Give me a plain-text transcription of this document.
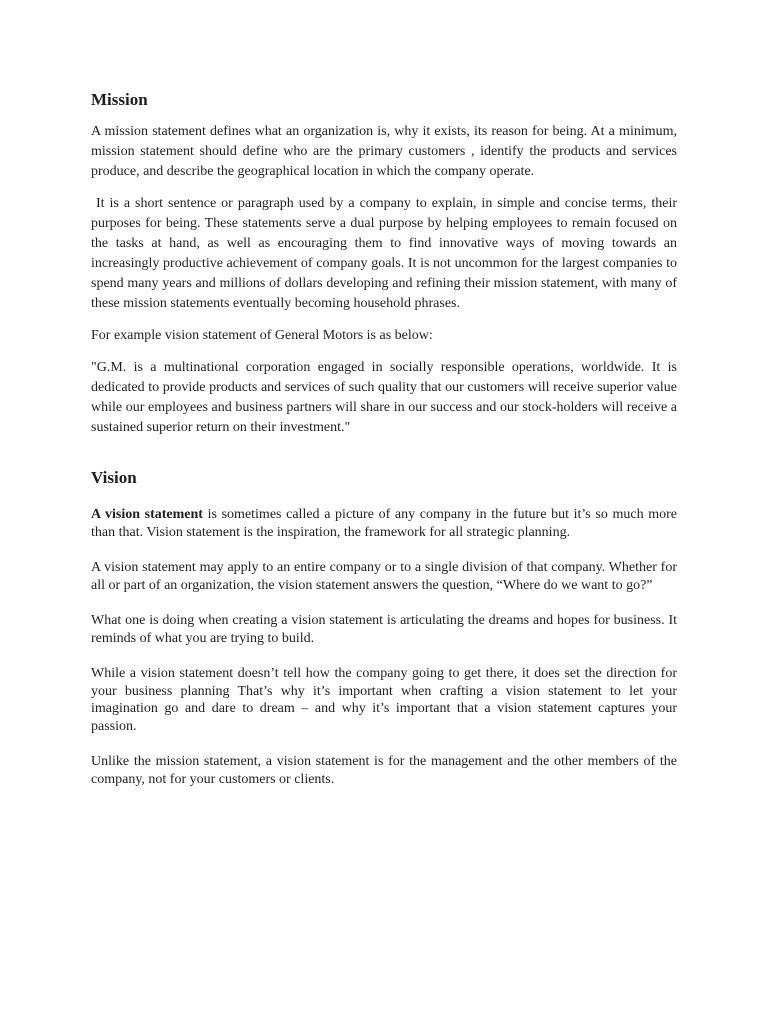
Mission

A mission statement defines what an organization is, why it exists, its reason for being. At a minimum, mission statement should define who are the primary customers , identify the products and services produce, and describe the geographical location in which the company operate.

It is a short sentence or paragraph used by a company to explain, in simple and concise terms, their purposes for being. These statements serve a dual purpose by helping employees to remain focused on the tasks at hand, as well as encouraging them to find innovative ways of moving towards an increasingly productive achievement of company goals. It is not uncommon for the largest companies to spend many years and millions of dollars developing and refining their mission statement, with many of these mission statements eventually becoming household phrases.

For example vision statement of General Motors is as below:

"G.M. is a multinational corporation engaged in socially responsible operations, worldwide. It is dedicated to provide products and services of such quality that our customers will receive superior value while our employees and business partners will share in our success and our stock-holders will receive a sustained superior return on their investment."

Vision

A vision statement is sometimes called a picture of any company in the future but it’s so much more than that. Vision statement is the inspiration, the framework for all strategic planning.

A vision statement may apply to an entire company or to a single division of that company. Whether for all or part of an organization, the vision statement answers the question, “Where do we want to go?”

What one is doing when creating a vision statement is articulating the dreams and hopes for business. It reminds of what you are trying to build.

While a vision statement doesn’t tell how the company going to get there, it does set the direction for your business planning That’s why it’s important when crafting a vision statement to let your imagination go and dare to dream – and why it’s important that a vision statement captures your passion.

Unlike the mission statement, a vision statement is for the management and the other members of the company, not for your customers or clients.
